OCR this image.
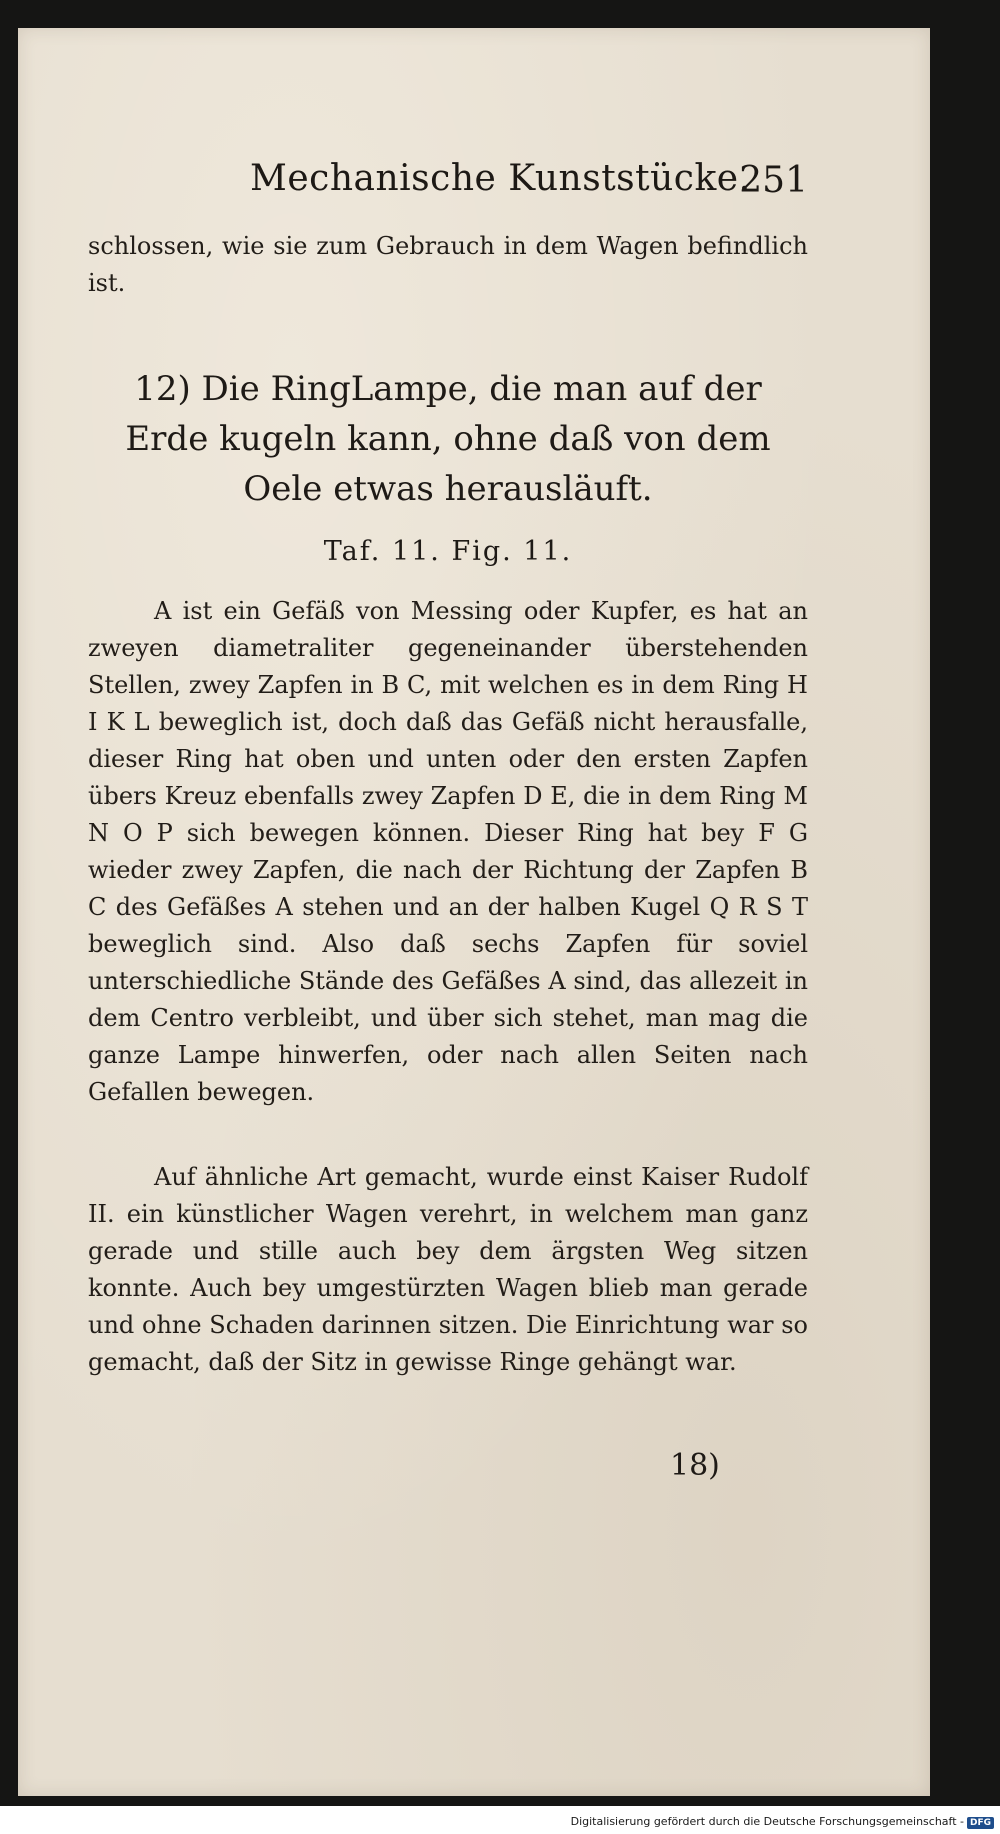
Mechanische Kunststücke.
251

schlossen, wie sie zum Gebrauch in dem Wagen befindlich ist.

12) Die RingLampe, die man auf der Erde kugeln kann, ohne daß von dem Oele etwas herausläuft.
Taf. 11. Fig. 11.

A ist ein Gefäß von Messing oder Kupfer, es hat an zweyen diametraliter gegeneinander überstehenden Stellen, zwey Zapfen in B C, mit welchen es in dem Ring H I K L beweglich ist, doch daß das Gefäß nicht herausfalle, dieser Ring hat oben und unten oder den ersten Zapfen übers Kreuz ebenfalls zwey Zapfen D E, die in dem Ring M N O P sich bewegen können. Dieser Ring hat bey F G wieder zwey Zapfen, die nach der Richtung der Zapfen B C des Gefäßes A stehen und an der halben Kugel Q R S T beweglich sind. Also daß sechs Zapfen für soviel unterschiedliche Stände des Gefäßes A sind, das allezeit in dem Centro verbleibt, und über sich stehet, man mag die ganze Lampe hinwerfen, oder nach allen Seiten nach Gefallen bewegen.

Auf ähnliche Art gemacht, wurde einst Kaiser Rudolf II. ein künstlicher Wagen verehrt, in welchem man ganz gerade und stille auch bey dem ärgsten Weg sitzen konnte. Auch bey umgestürzten Wagen blieb man gerade und ohne Schaden darinnen sitzen. Die Einrichtung war so gemacht, daß der Sitz in gewisse Ringe gehängt war.

18)
Digitalisierung gefördert durch die Deutsche Forschungsgemeinschaft - DFG
